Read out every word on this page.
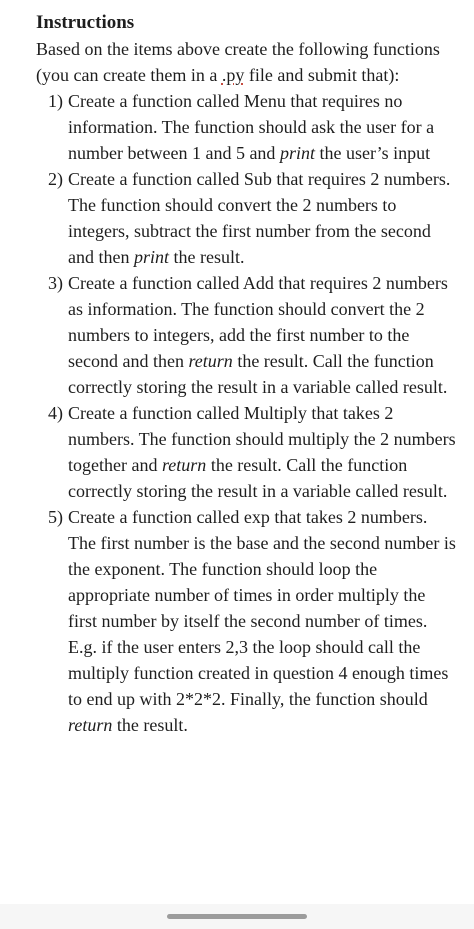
Instructions

Based on the items above create the following functions (you can create them in a .py file and submit that):

1) Create a function called Menu that requires no information. The function should ask the user for a number between 1 and 5 and print the user’s input
2) Create a function called Sub that requires 2 numbers. The function should convert the 2 numbers to integers, subtract the first number from the second and then print the result.
3) Create a function called Add that requires 2 numbers as information. The function should convert the 2 numbers to integers, add the first number to the second and then return the result. Call the function correctly storing the result in a variable called result.
4) Create a function called Multiply that takes 2 numbers. The function should multiply the 2 numbers together and return the result. Call the function correctly storing the result in a variable called result.
5) Create a function called exp that takes 2 numbers. The first number is the base and the second number is the exponent. The function should loop the appropriate number of times in order multiply the first number by itself the second number of times. E.g. if the user enters 2,3 the loop should call the multiply function created in question 4 enough times to end up with 2*2*2. Finally, the function should return the result.
